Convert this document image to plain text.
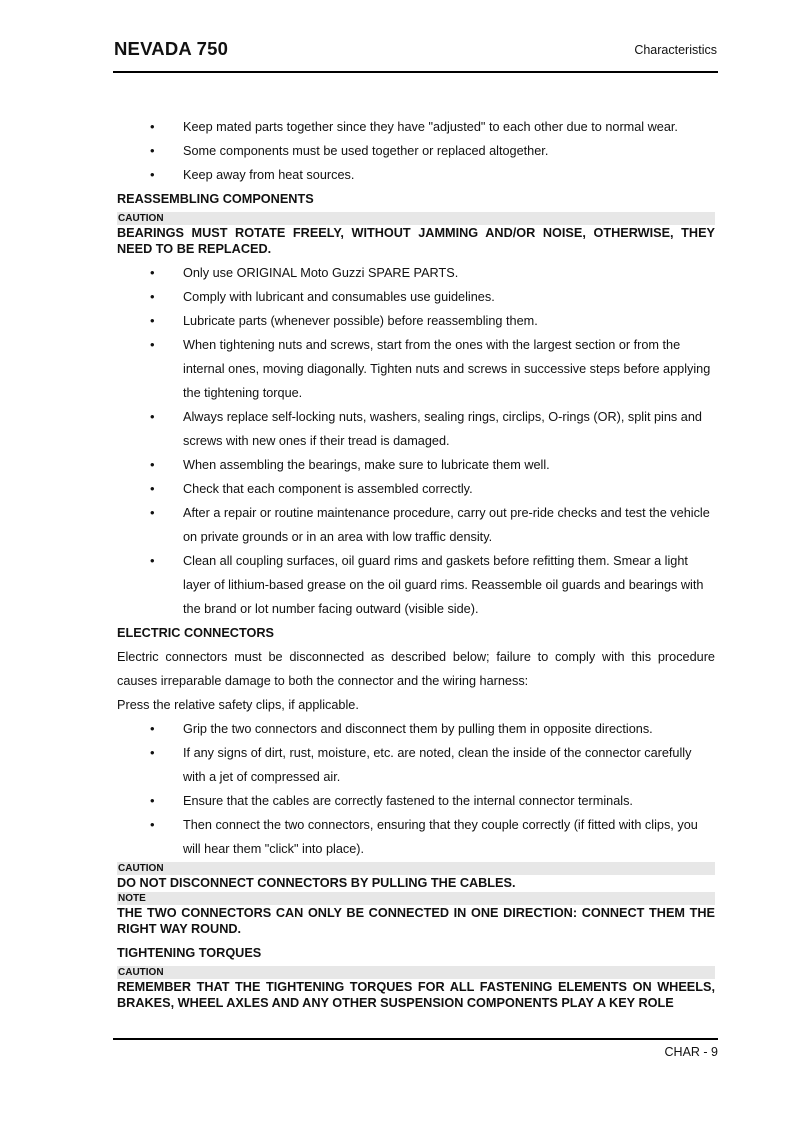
NEVADA 750	Characteristics
• Keep mated parts together since they have "adjusted" to each other due to normal wear.
• Some components must be used together or replaced altogether.
• Keep away from heat sources.
REASSEMBLING COMPONENTS
CAUTION
BEARINGS MUST ROTATE FREELY, WITHOUT JAMMING AND/OR NOISE, OTHERWISE, THEY NEED TO BE REPLACED.
• Only use ORIGINAL Moto Guzzi SPARE PARTS.
• Comply with lubricant and consumables use guidelines.
• Lubricate parts (whenever possible) before reassembling them.
• When tightening nuts and screws, start from the ones with the largest section or from the internal ones, moving diagonally. Tighten nuts and screws in successive steps before applying the tightening torque.
• Always replace self-locking nuts, washers, sealing rings, circlips, O-rings (OR), split pins and screws with new ones if their tread is damaged.
• When assembling the bearings, make sure to lubricate them well.
• Check that each component is assembled correctly.
• After a repair or routine maintenance procedure, carry out pre-ride checks and test the vehicle on private grounds or in an area with low traffic density.
• Clean all coupling surfaces, oil guard rims and gaskets before refitting them. Smear a light layer of lithium-based grease on the oil guard rims. Reassemble oil guards and bearings with the brand or lot number facing outward (visible side).
ELECTRIC CONNECTORS
Electric connectors must be disconnected as described below; failure to comply with this procedure causes irreparable damage to both the connector and the wiring harness:
Press the relative safety clips, if applicable.
• Grip the two connectors and disconnect them by pulling them in opposite directions.
• If any signs of dirt, rust, moisture, etc. are noted, clean the inside of the connector carefully with a jet of compressed air.
• Ensure that the cables are correctly fastened to the internal connector terminals.
• Then connect the two connectors, ensuring that they couple correctly (if fitted with clips, you will hear them "click" into place).
CAUTION
DO NOT DISCONNECT CONNECTORS BY PULLING THE CABLES.
NOTE
THE TWO CONNECTORS CAN ONLY BE CONNECTED IN ONE DIRECTION: CONNECT THEM THE RIGHT WAY ROUND.
TIGHTENING TORQUES
CAUTION
REMEMBER THAT THE TIGHTENING TORQUES FOR ALL FASTENING ELEMENTS ON WHEELS, BRAKES, WHEEL AXLES AND ANY OTHER SUSPENSION COMPONENTS PLAY A KEY ROLE
CHAR - 9
